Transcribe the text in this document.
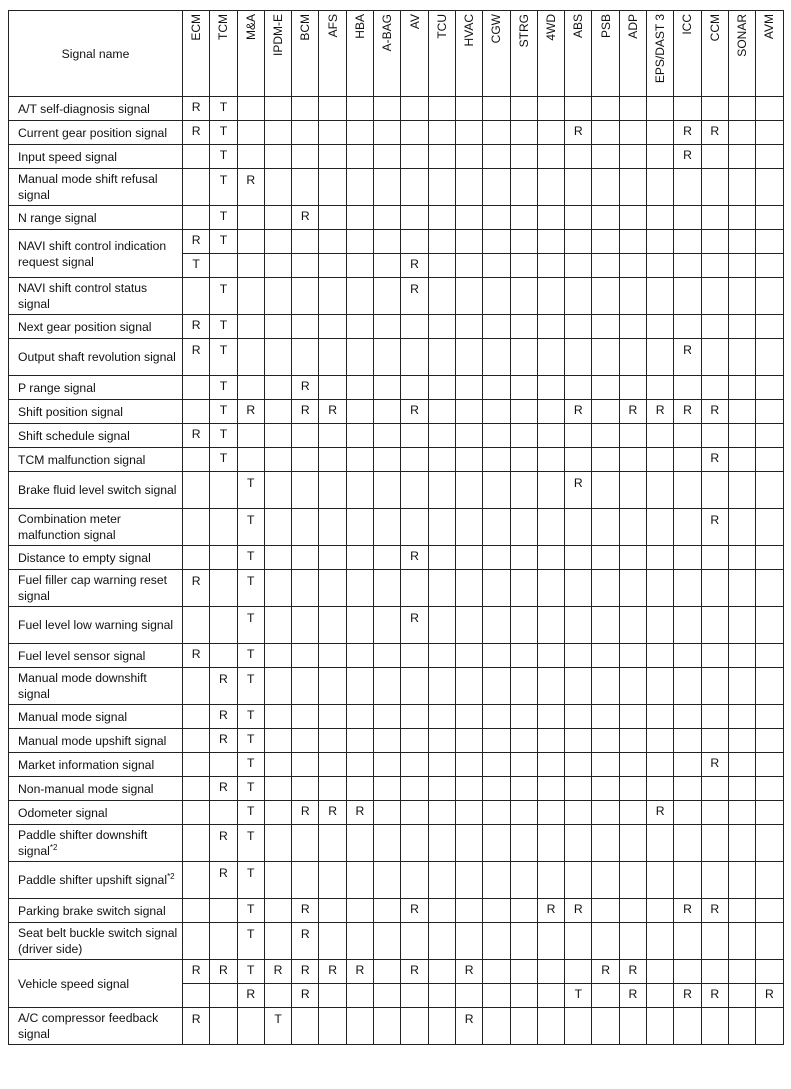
Signal name	ECM	TCM	M&A	IPDM-E	BCM	AFS	HBA	A-BAG	AV	TCU	HVAC	CGW	STRG	4WD	ABS	PSB	ADP	EPS/DAST 3	ICC	CCM	SONAR	AVM
A/T self-diagnosis signal	R	T																				
Current gear position signal	R	T													R				R	R		
Input speed signal		T																	R			
Manual mode shift refusal signal		T	R																			
N range signal		T			R																	
NAVI shift control indication request signal	R	T																				
	T								R													
NAVI shift control status signal		T							R													
Next gear position signal	R	T																				
Output shaft revolution signal	R	T																	R			
P range signal		T			R																	
Shift position signal		T	R		R	R			R						R		R	R	R	R		
Shift schedule signal	R	T																				
TCM malfunction signal		T																		R		
Brake fluid level switch signal			T												R							
Combination meter malfunction signal			T																	R		
Distance to empty signal			T						R													
Fuel filler cap warning reset signal	R		T																			
Fuel level low warning signal			T						R													
Fuel level sensor signal	R		T																			
Manual mode downshift signal		R	T																			
Manual mode signal		R	T																			
Manual mode upshift signal		R	T																			
Market information signal			T																	R		
Non-manual mode signal		R	T																			
Odometer signal			T		R	R	R											R				
Paddle shifter downshift signal$^{*2}$		R	T																			
Paddle shifter upshift signal$^{*2}$		R	T																			
Parking brake switch signal			T		R				R					R	R				R	R		
Seat belt buckle switch signal (driver side)			T		R																	
Vehicle speed signal	R	R	T	R	R	R	R		R		R					R	R					
			R		R										T		R		R	R		R
A/C compressor feedback signal	R			T							R											
